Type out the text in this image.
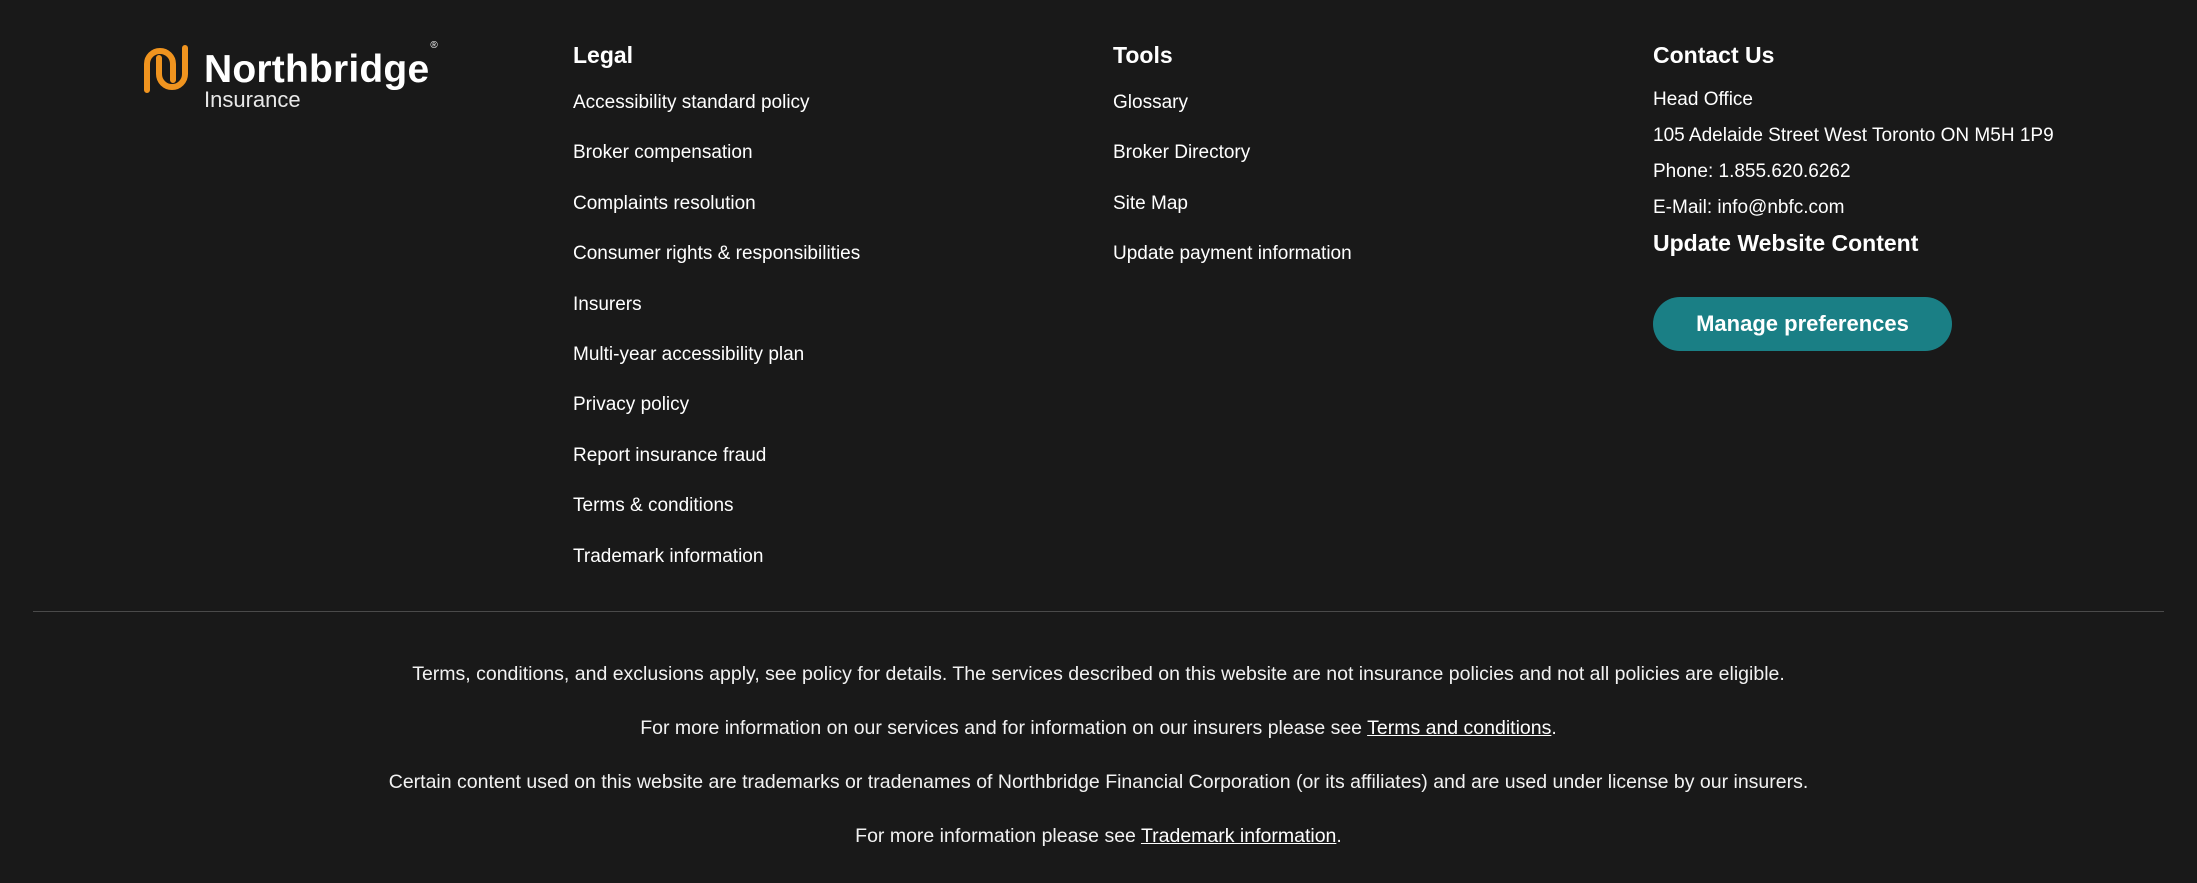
Northbridge®
Insurance
Legal
Accessibility standard policy
Broker compensation
Complaints resolution
Consumer rights & responsibilities
Insurers
Multi-year accessibility plan
Privacy policy
Report insurance fraud
Terms & conditions
Trademark information
Tools
Glossary
Broker Directory
Site Map
Update payment information
Contact Us
Head Office
105 Adelaide Street West Toronto ON M5H 1P9
Phone: 1.855.620.6262
E-Mail: info@nbfc.com
Update Website Content
Manage preferences

Terms, conditions, and exclusions apply, see policy for details. The services described on this website are not insurance policies and not all policies are eligible.

For more information on our services and for information on our insurers please see Terms and conditions.

Certain content used on this website are trademarks or tradenames of Northbridge Financial Corporation (or its affiliates) and are used under license by our insurers.

For more information please see Trademark information.
